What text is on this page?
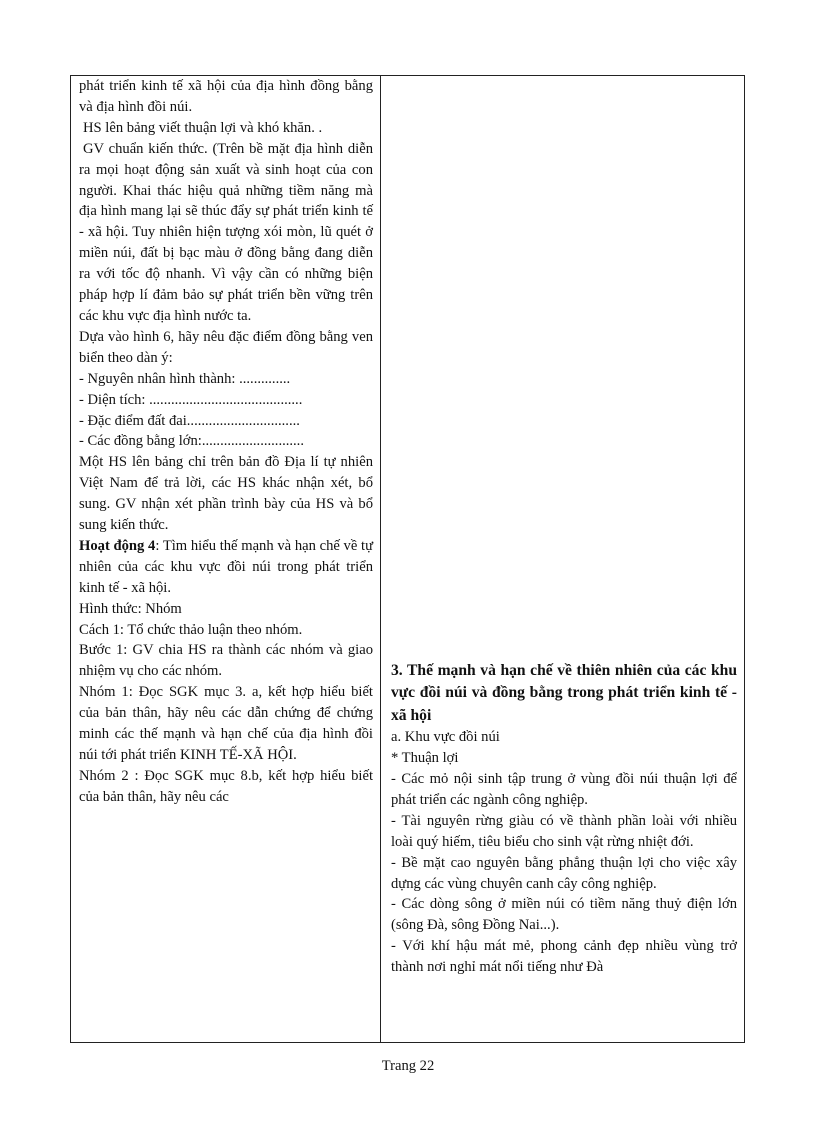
phát triển kinh tế xã hội của địa hình đồng bằng và địa hình đồi núi.

HS lên bảng viết thuận lợi và khó khăn. .

GV chuẩn kiến thức. (Trên bề mặt địa hình diễn ra mọi hoạt động sản xuất và sinh hoạt của con người. Khai thác hiệu quả những tiềm năng mà địa hình mang lại sẽ thúc đẩy sự phát triển kinh tế - xã hội. Tuy nhiên hiện tượng xói mòn, lũ quét ở miền núi, đất bị bạc màu ở đồng bằng đang diễn ra với tốc độ nhanh. Vì vậy cần có những biện pháp hợp lí đảm bảo sự phát triển bền vững trên các khu vực địa hình nước ta.

Dựa vào hình 6, hãy nêu đặc điểm đồng bằng ven biển theo dàn ý:

- Nguyên nhân hình thành: ..............

- Diện tích: ..........................................

- Đặc điểm đất đai...............................

- Các đồng bằng lớn:............................

Một HS lên bảng chỉ trên bản đồ Địa lí tự nhiên Việt Nam để trả lời, các HS khác nhận xét, bổ sung. GV nhận xét phần trình bày của HS và bổ sung kiến thức.

Hoạt động 4: Tìm hiểu thế mạnh và hạn chế về tự nhiên của các khu vực đồi núi trong phát triển kinh tế - xã hội.

Hình thức: Nhóm

Cách 1: Tổ chức thảo luận theo nhóm.

Bước 1: GV chia HS ra thành các nhóm và giao nhiệm vụ cho các nhóm.

Nhóm 1: Đọc SGK mục 3. a, kết hợp hiểu biết của bản thân, hãy nêu các dẫn chứng để chứng minh các thế mạnh và hạn chế của địa hình đồi núi tới phát triển KINH TẾ-XÃ HỘI.

Nhóm 2 : Đọc SGK mục 8.b, kết hợp hiểu biết của bản thân, hãy nêu các

3. Thế mạnh và hạn chế về thiên nhiên của các khu vực đồi núi và đồng bằng trong phát triển kinh tế - xã hội

a. Khu vực đồi núi

* Thuận lợi

- Các mỏ nội sinh tập trung ở vùng đồi núi thuận lợi để phát triển các ngành công nghiệp.

- Tài nguyên rừng giàu có về thành phần loài với nhiều loài quý hiếm, tiêu biểu cho sinh vật rừng nhiệt đới.

- Bề mặt cao nguyên bằng phẳng thuận lợi cho việc xây dựng các vùng chuyên canh cây công nghiệp.

- Các dòng sông ở miền núi có tiềm năng thuỷ điện lớn (sông Đà, sông Đồng Nai...).

- Với khí hậu mát mẻ, phong cảnh đẹp nhiều vùng trở thành nơi nghỉ mát nổi tiếng như Đà

Trang 22
